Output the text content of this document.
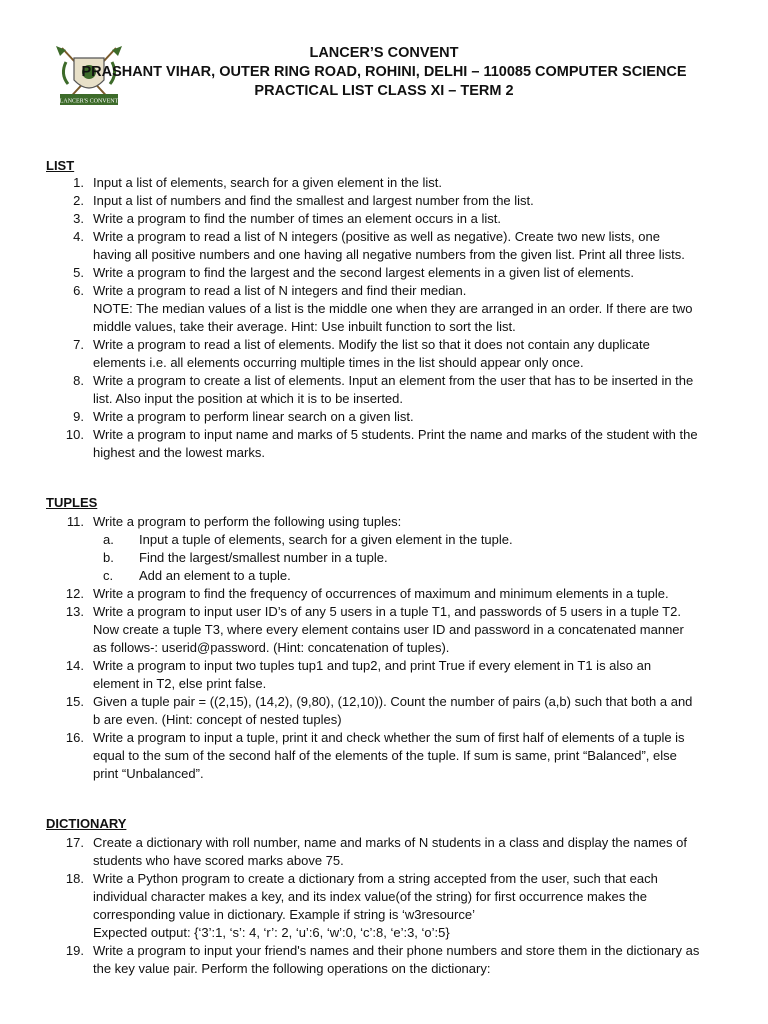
LANCER'S CONVENT
LANCER’S CONVENT
PRASHANT VIHAR, OUTER RING ROAD, ROHINI, DELHI – 110085 COMPUTER SCIENCE
PRACTICAL LIST CLASS XI – TERM 2
LIST
1. Input a list of elements, search for a given element in the list.
2. Input a list of numbers and find the smallest and largest number from the list.
3. Write a program to find the number of times an element occurs in a list.
4. Write a program to read a list of N integers (positive as well as negative). Create two new lists, one having all positive numbers and one having all negative numbers from the given list. Print all three lists.
5. Write a program to find the largest and the second largest elements in a given list of elements.
6. Write a program to read a list of N integers and find their median.
NOTE: The median values of a list is the middle one when they are arranged in an order. If there are two middle values, take their average. Hint: Use inbuilt function to sort the list.
7. Write a program to read a list of elements. Modify the list so that it does not contain any duplicate elements i.e. all elements occurring multiple times in the list should appear only once.
8. Write a program to create a list of elements. Input an element from the user that has to be inserted in the list. Also input the position at which it is to be inserted.
9. Write a program to perform linear search on a given list.
10. Write a program to input name and marks of 5 students. Print the name and marks of the student with the highest and the lowest marks.
TUPLES
11. Write a program to perform the following using tuples:
a.	Input a tuple of elements, search for a given element in the tuple.
b.	Find the largest/smallest number in a tuple.
c.	Add an element to a tuple.
12. Write a program to find the frequency of occurrences of maximum and minimum elements in a tuple.
13. Write a program to input user ID’s of any 5 users in a tuple T1, and passwords of 5 users in a tuple T2. Now create a tuple T3, where every element contains user ID and password in a concatenated manner as follows-: userid@password. (Hint: concatenation of tuples).
14. Write a program to input two tuples tup1 and tup2, and print True if every element in T1 is also an element in T2, else print false.
15. Given a tuple pair = ((2,15), (14,2), (9,80), (12,10)). Count the number of pairs (a,b) such that both a and b are even. (Hint: concept of nested tuples)
16. Write a program to input a tuple, print it and check whether the sum of first half of elements of a tuple is equal to the sum of the second half of the elements of the tuple. If sum is same, print “Balanced”, else print “Unbalanced”.
DICTIONARY
17. Create a dictionary with roll number, name and marks of N students in a class and display the names of students who have scored marks above 75.
18. Write a Python program to create a dictionary from a string accepted from the user, such that each individual character makes a key, and its index value(of the string) for first occurrence makes the corresponding value in dictionary. Example if string is ‘w3resource’
Expected output: {‘3’:1, ‘s’: 4, ‘r’: 2, ‘u’:6, ‘w’:0, ‘c’:8, ‘e’:3, ‘o’:5}
19. Write a program to input your friend's names and their phone numbers and store them in the dictionary as the key value pair. Perform the following operations on the dictionary:
